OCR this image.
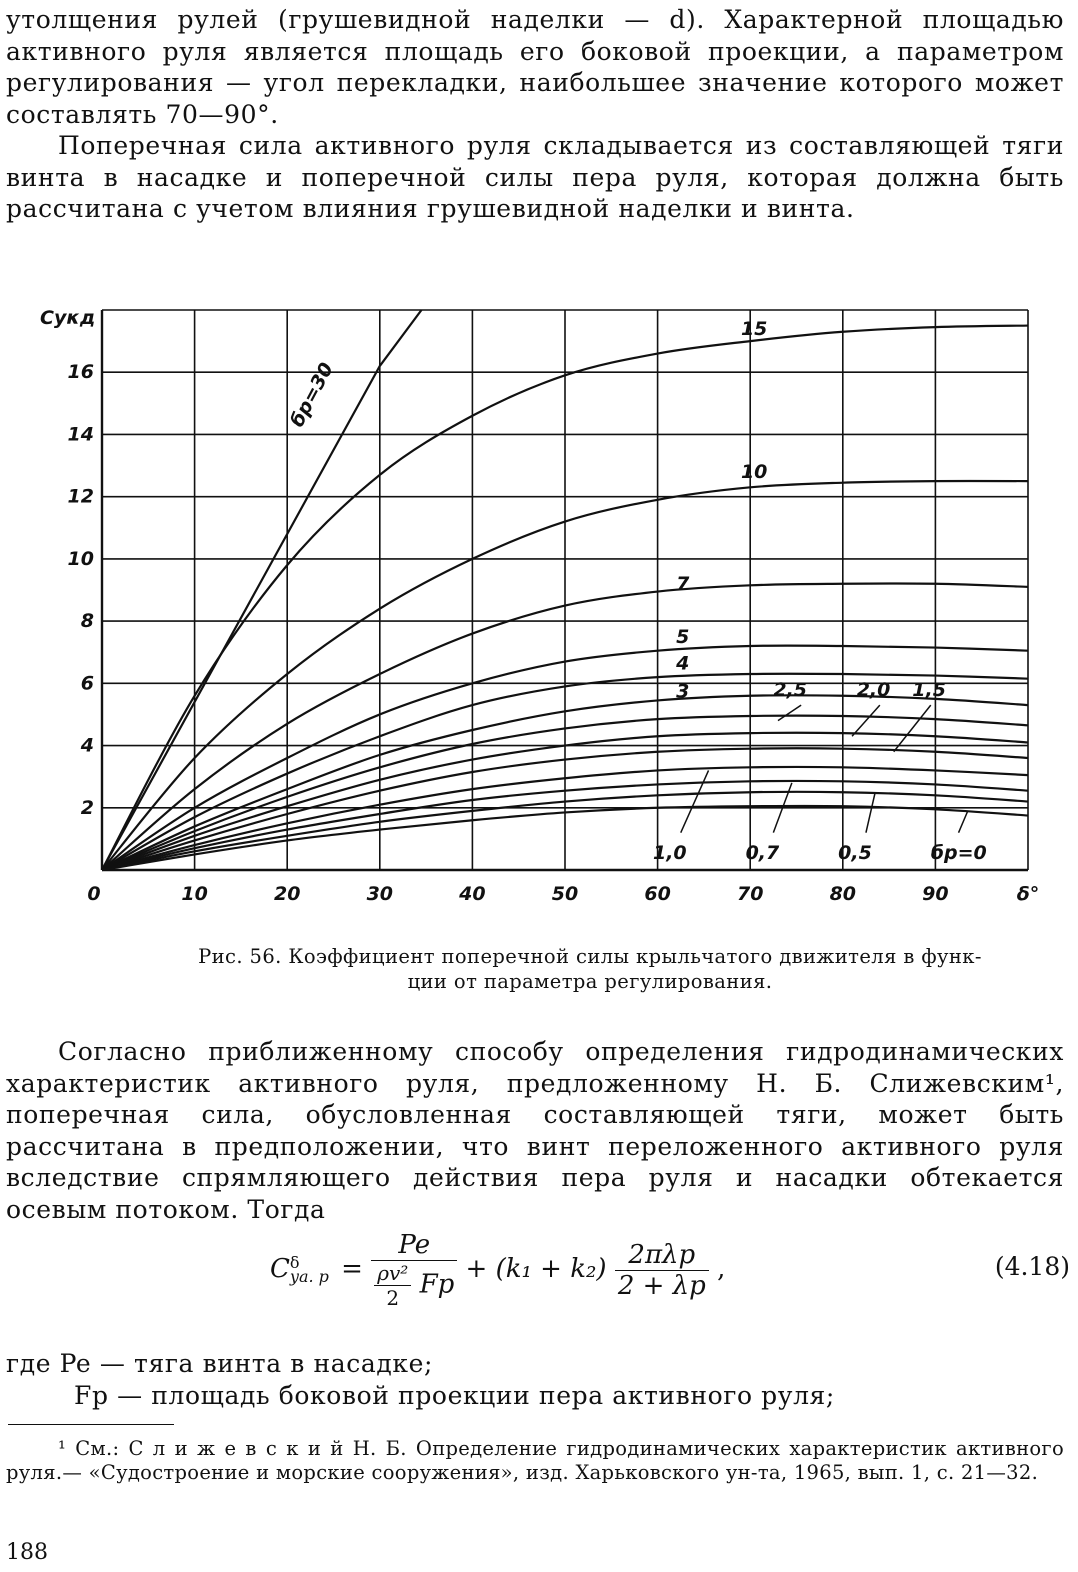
утолщения рулей (грушевидной наделки — d). Характерной площадью активного руля является площадь его боковой проекции, а параметром регулирования — угол перекладки, наибольшее значение которого может составлять 70—90°.

Поперечная сила активного руля складывается из составляющей тяги винта в насадке и поперечной силы пера руля, которая должна быть рассчитана с учетом влияния грушевидной наделки и винта.

0	10	20	30	40	50	60	70	80	90	δ°
2
4
6
8
10
12
14
16
Cуκд	15
10
7
5
4
3	2,5	2,0 1,5
1,0	0,7	0,5	бр=0
бр=30
Рис. 56. Коэффициент поперечной силы крыльчатого движителя в функ-
ции от параметра регулирования.

Согласно приближенному способу определения гидродинамических характеристик активного руля, предложенному Н. Б. Слижевским¹, поперечная сила, обусловленная составляющей тяги, может быть рассчитана в предположении, что винт переложенного активного руля вследствие спрямляющего действия пера руля и насадки обтекается осевым потоком. Тогда

C δ
ya. $p = \frac{Pe}{\frac{\text{ρv²}}{2} Fp} + (k_1 + k_2) \frac{\text{2πλp}}{2 + \lambda p}$ ,	(4.18)
где Pe — тяга винта в насадке;
Fp — площадь боковой проекции пера активного руля;

¹ См.: С л и ж е в с к и й Н. Б. Определение гидродинамических характеристик активного руля.— «Судостроение и морские сооружения», изд. Харьковского ун-та, 1965, вып. 1, с. 21—32.

188
